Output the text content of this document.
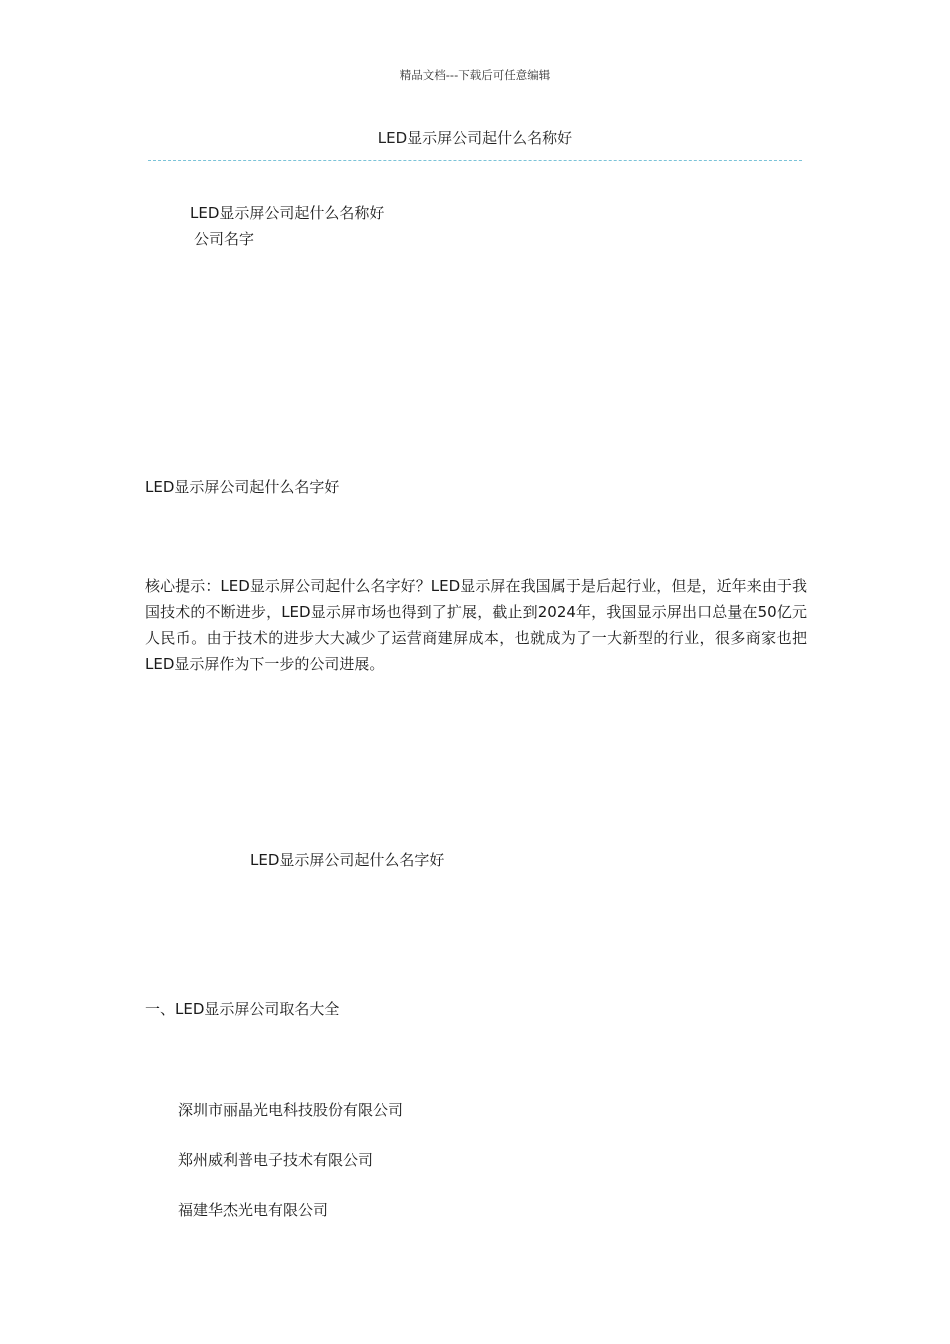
精品文档---下载后可任意编辑
LED显示屏公司起什么名称好
LED显示屏公司起什么名称好
公司名字
LED显示屏公司起什么名字好
核心提示：LED显示屏公司起什么名字好？LED显示屏在我国属于是后起行业，但是，近年来由于我国技术的不断进步，LED显示屏市场也得到了扩展，截止到2024年，我国显示屏出口总量在50亿元人民币。由于技术的进步大大减少了运营商建屏成本，也就成为了一大新型的行业，很多商家也把LED显示屏作为下一步的公司进展。
LED显示屏公司起什么名字好
一、LED显示屏公司取名大全
深圳市丽晶光电科技股份有限公司
郑州威利普电子技术有限公司
福建华杰光电有限公司
